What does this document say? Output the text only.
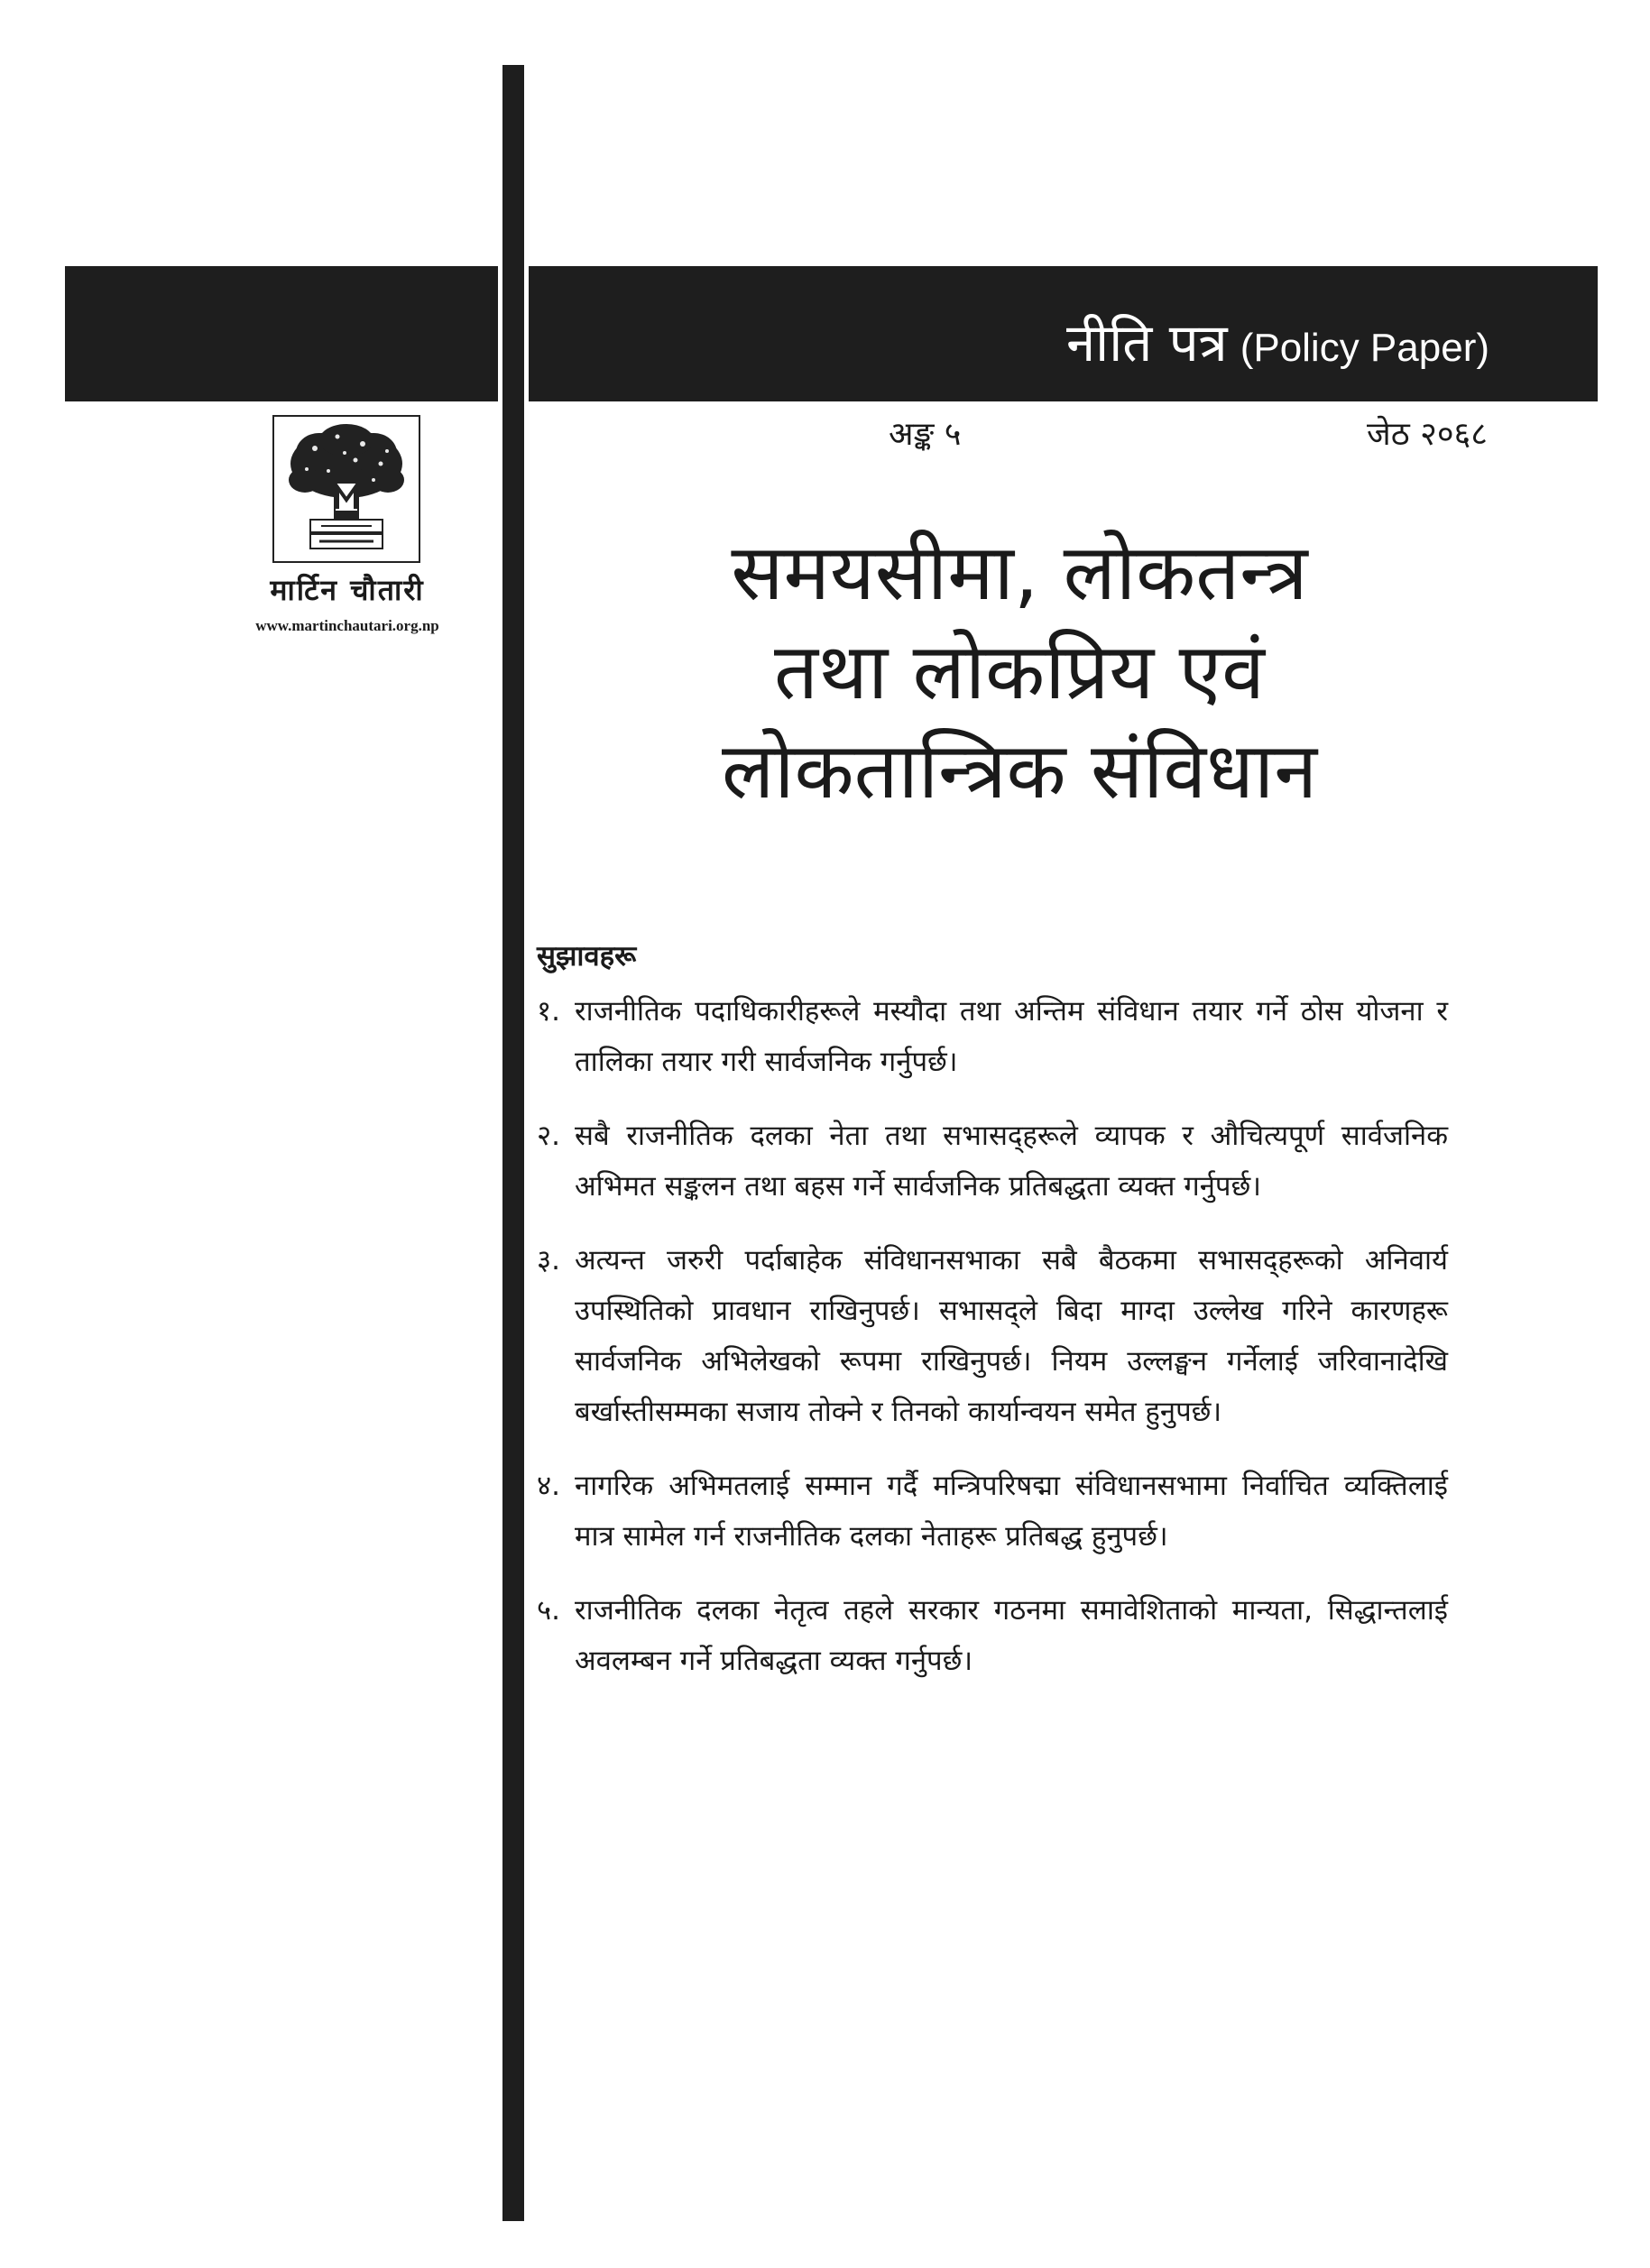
नीति पत्र (Policy Paper)
मार्टिन चौतारी
www.martinchautari.org.np
अङ्क ५	जेठ २०६८
समयसीमा, लोकतन्त्र
तथा लोकप्रिय एवं
लोकतान्त्रिक संविधान
सुझावहरू
१. राजनीतिक पदाधिकारीहरूले मस्यौदा तथा अन्तिम संविधान तयार गर्ने ठोस योजना र तालिका तयार गरी सार्वजनिक गर्नुपर्छ।
२. सबै राजनीतिक दलका नेता तथा सभासद्हरूले व्यापक र औचित्यपूर्ण सार्वजनिक अभिमत सङ्कलन तथा बहस गर्ने सार्वजनिक प्रतिबद्धता व्यक्त गर्नुपर्छ।
३. अत्यन्त जरुरी पर्दाबाहेक संविधानसभाका सबै बैठकमा सभासद्हरूको अनिवार्य उपस्थितिको प्रावधान राखिनुपर्छ। सभासद्ले बिदा माग्दा उल्लेख गरिने कारणहरू सार्वजनिक अभिलेखको रूपमा राखिनुपर्छ। नियम उल्लङ्घन गर्नेलाई जरिवानादेखि बर्खास्तीसम्मका सजाय तोक्ने र तिनको कार्यान्वयन समेत हुनुपर्छ।
४. नागरिक अभिमतलाई सम्मान गर्दै मन्त्रिपरिषद्मा संविधानसभामा निर्वाचित व्यक्तिलाई मात्र सामेल गर्न राजनीतिक दलका नेताहरू प्रतिबद्ध हुनुपर्छ।
५. राजनीतिक दलका नेतृत्व तहले सरकार गठनमा समावेशिताको मान्यता, सिद्धान्तलाई अवलम्बन गर्ने प्रतिबद्धता व्यक्त गर्नुपर्छ।
